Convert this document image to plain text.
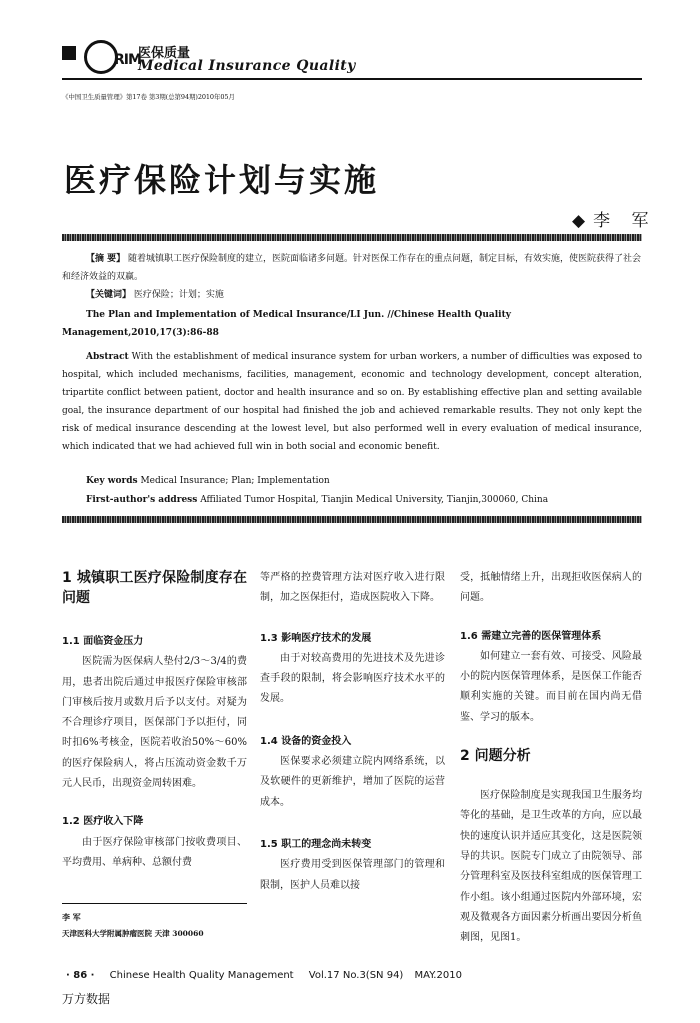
RIM
医保质量
Medical Insurance Quality
《中国卫生质量管理》第17卷 第3期(总第94期)2010年05月
医疗保险计划与实施
◆李 军
【摘 要】 随着城镇职工医疗保险制度的建立，医院面临诸多问题。针对医保工作存在的重点问题，制定目标，有效实施，使医院获得了社会和经济效益的双赢。
【关键词】 医疗保险；计划；实施
The Plan and Implementation of Medical Insurance/LI Jun. //Chinese Health Quality Management,2010,17(3):86-88
Abstract With the establishment of medical insurance system for urban workers, a number of difficulties was exposed to hospital, which included mechanisms, facilities, management, economic and technology development, concept alteration, tripartite conflict between patient, doctor and health insurance and so on. By establishing effective plan and setting available goal, the insurance department of our hospital had finished the job and achieved remarkable results. They not only kept the risk of medical insurance descending at the lowest level, but also performed well in every evaluation of medical insurance, which indicated that we had achieved full win in both social and economic benefit.
Key words Medical Insurance; Plan; Implementation
First-author's address Affiliated Tumor Hospital, Tianjin Medical University, Tianjin,300060, China
1 城镇职工医疗保险制度存在问题
1.1 面临资金压力
医院需为医保病人垫付2/3～3/4的费用，患者出院后通过申报医疗保险审核部门审核后按月或数月后予以支付。对疑为不合理诊疗项目，医保部门予以拒付，同时扣6%考核金，医院若收治50%～60%的医疗保险病人，将占压流动资金数千万元人民币，出现资金周转困难。
1.2 医疗收入下降
由于医疗保险审核部门按收费项目、平均费用、单病种、总额付费
李 军
天津医科大学附属肿瘤医院 天津 300060
等严格的控费管理方法对医疗收入进行限制，加之医保拒付，造成医院收入下降。
1.3 影响医疗技术的发展
由于对较高费用的先进技术及先进诊查手段的限制，将会影响医疗技术水平的发展。
1.4 设备的资金投入
医保要求必须建立院内网络系统，以及软硬件的更新维护，增加了医院的运营成本。
1.5 职工的理念尚未转变
医疗费用受到医保管理部门的管理和限制，医护人员难以接
受，抵触情绪上升，出现拒收医保病人的问题。
1.6 需建立完善的医保管理体系
如何建立一套有效、可接受、风险最小的院内医保管理体系，是医保工作能否顺利实施的关键。而目前在国内尚无借鉴、学习的版本。
2 问题分析
医疗保险制度是实现我国卫生服务均等化的基础，是卫生改革的方向，应以最快的速度认识并适应其变化，这是医院领导的共识。医院专门成立了由院领导、部分管理科室及医技科室组成的医保管理工作小组。该小组通过医院内外部环境，宏观及微观各方面因素分析画出要因分析鱼刺图，见图1。
· 86 · Chinese Health Quality Management Vol.17 No.3(SN 94) MAY.2010
万方数据
